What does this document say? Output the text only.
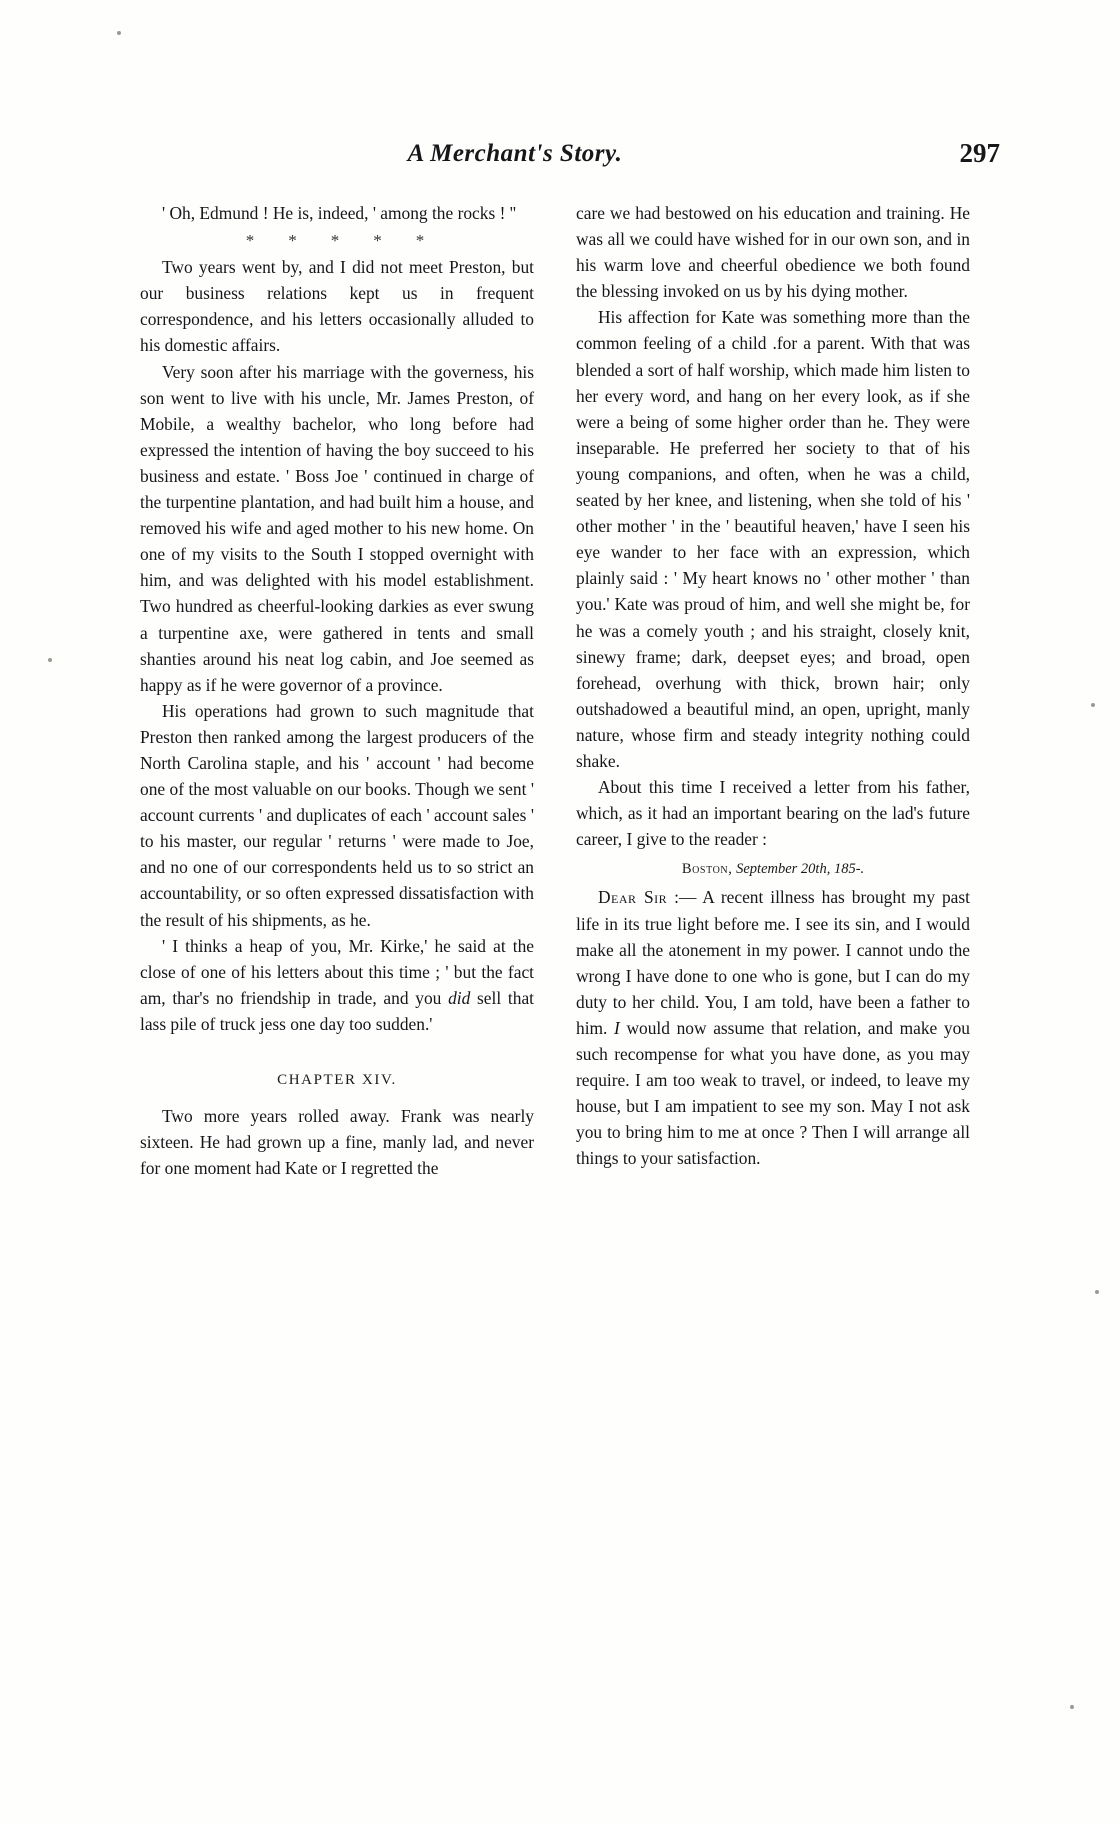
A Merchant's Story.	297

' Oh, Edmund ! He is, indeed, ' among the rocks ! ''

*****

Two years went by, and I did not meet Preston, but our business relations kept us in frequent correspondence, and his letters occasionally alluded to his domestic affairs.

Very soon after his marriage with the governess, his son went to live with his uncle, Mr. James Preston, of Mobile, a wealthy bachelor, who long before had expressed the intention of having the boy succeed to his business and estate. ' Boss Joe ' continued in charge of the turpentine plantation, and had built him a house, and removed his wife and aged mother to his new home. On one of my visits to the South I stopped overnight with him, and was delighted with his model establishment. Two hundred as cheerful-looking darkies as ever swung a turpentine axe, were gathered in tents and small shanties around his neat log cabin, and Joe seemed as happy as if he were governor of a province.

His operations had grown to such magnitude that Preston then ranked among the largest producers of the North Carolina staple, and his ' account ' had become one of the most valuable on our books. Though we sent ' account currents ' and duplicates of each ' account sales ' to his master, our regular ' returns ' were made to Joe, and no one of our correspondents held us to so strict an accountability, or so often expressed dissatisfaction with the result of his shipments, as he.

' I thinks a heap of you, Mr. Kirke,' he said at the close of one of his letters about this time ; ' but the fact am, thar's no friendship in trade, and you did sell that lass pile of truck jess one day too sudden.'

CHAPTER XIV.

Two more years rolled away. Frank was nearly sixteen. He had grown up a fine, manly lad, and never for one moment had Kate or I regretted the

care we had bestowed on his education and training. He was all we could have wished for in our own son, and in his warm love and cheerful obedience we both found the blessing invoked on us by his dying mother.

His affection for Kate was something more than the common feeling of a child .for a parent. With that was blended a sort of half worship, which made him listen to her every word, and hang on her every look, as if she were a being of some higher order than he. They were inseparable. He preferred her society to that of his young companions, and often, when he was a child, seated by her knee, and listening, when she told of his ' other mother ' in the ' beautiful heaven,' have I seen his eye wander to her face with an expression, which plainly said : ' My heart knows no ' other mother ' than you.' Kate was proud of him, and well she might be, for he was a comely youth ; and his straight, closely knit, sinewy frame; dark, deepset eyes; and broad, open forehead, overhung with thick, brown hair; only outshadowed a beautiful mind, an open, upright, manly nature, whose firm and steady integrity nothing could shake.

About this time I received a letter from his father, which, as it had an important bearing on the lad's future career, I give to the reader :

Boston, September 20th, 185-.

Dear Sir :— A recent illness has brought my past life in its true light before me. I see its sin, and I would make all the atonement in my power. I cannot undo the wrong I have done to one who is gone, but I can do my duty to her child. You, I am told, have been a father to him. I would now assume that relation, and make you such recompense for what you have done, as you may require. I am too weak to travel, or indeed, to leave my house, but I am impatient to see my son. May I not ask you to bring him to me at once ? Then I will arrange all things to your satisfaction.
